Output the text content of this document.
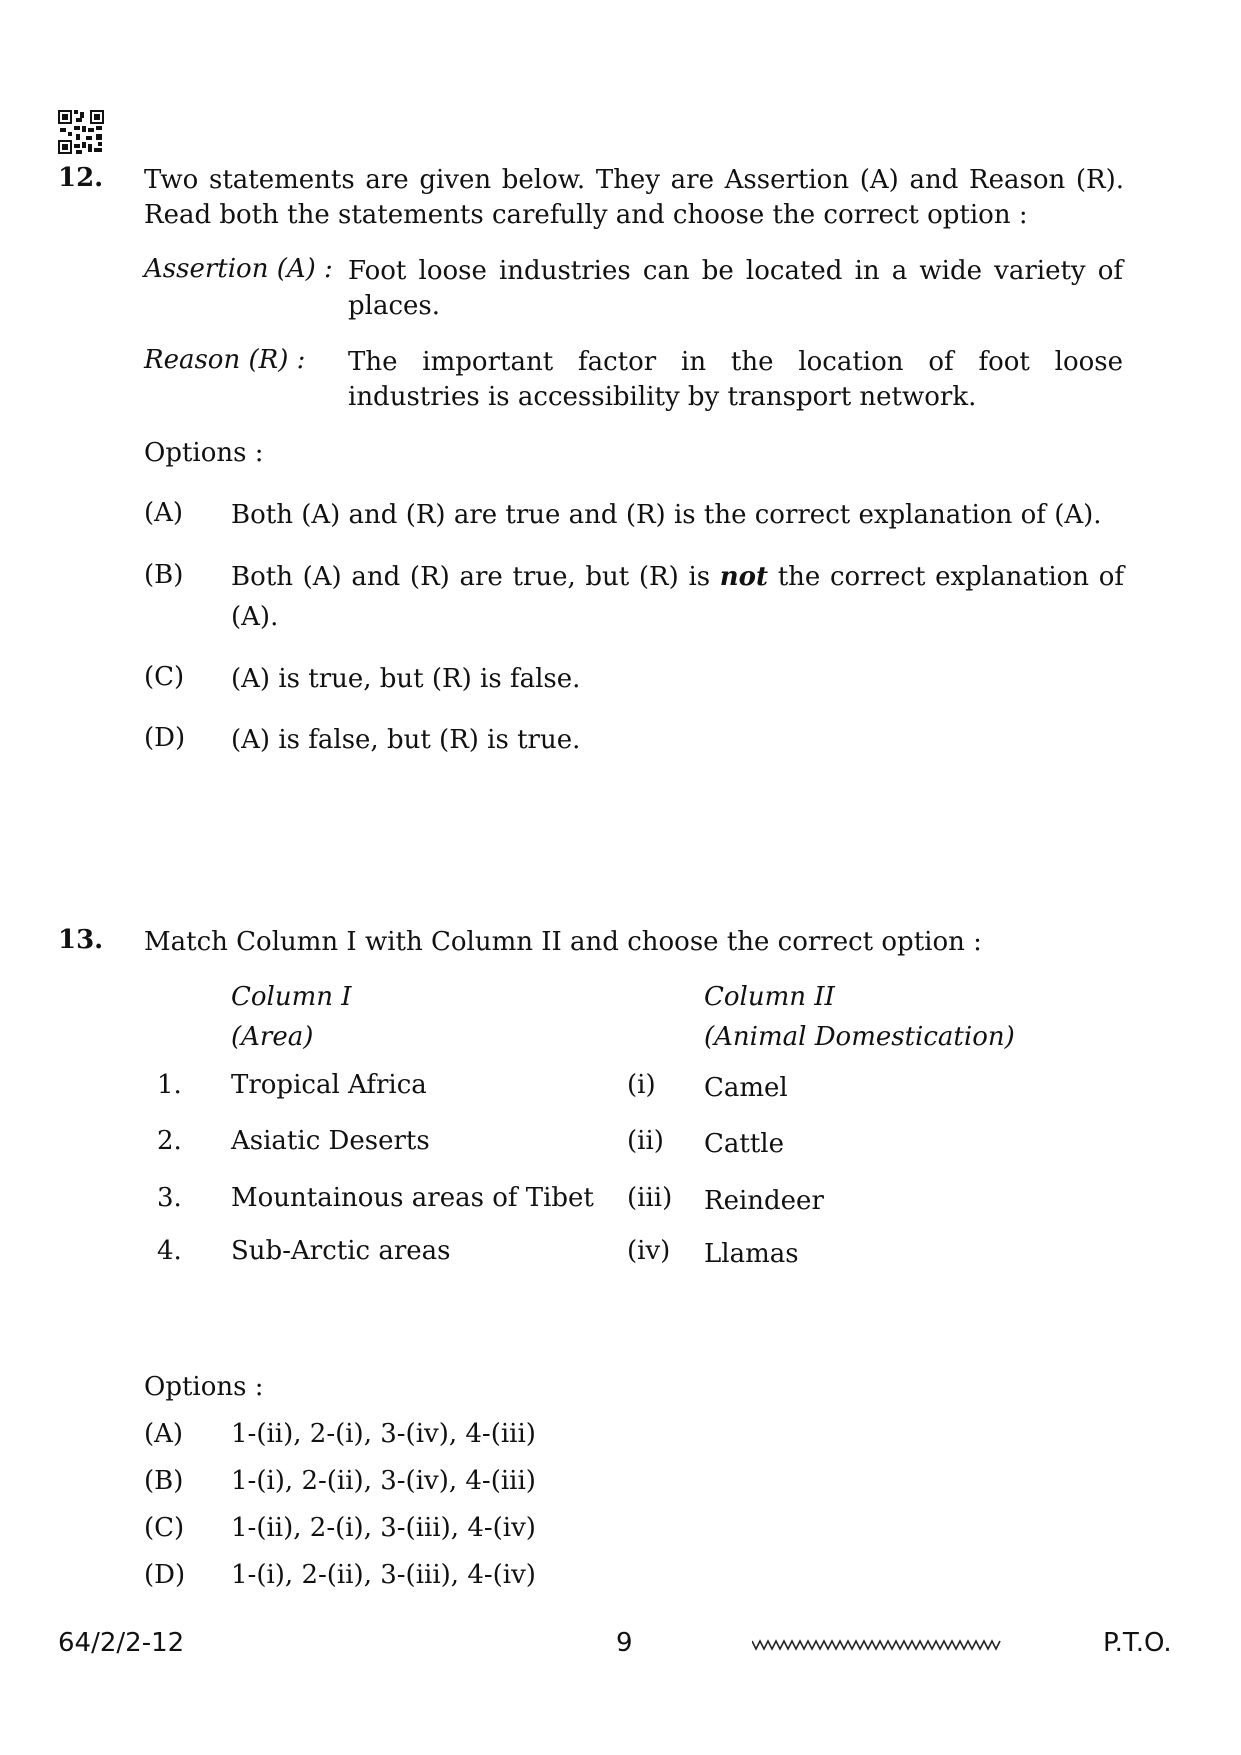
12. Two statements are given below. They are Assertion (A) and Reason (R).
Read both the statements carefully and choose the correct option :
Assertion (A) : Foot loose industries can be located in a wide variety of
places.
Reason (R) : The important factor in the location of foot loose
industries is accessibility by transport network.
Options :
(A) Both (A) and (R) are true and (R) is the correct explanation of (A).
(B) Both (A) and (R) are true, but (R) is not the correct explanation of
(A).
(C) (A) is true, but (R) is false.
(D) (A) is false, but (R) is true.
13. Match Column I with Column II and choose the correct option :
Column I
(Area)
Column II
(Animal Domestication)
1. Tropical Africa	(i) Camel
2. Asiatic Deserts	(ii) Cattle
3. Mountainous areas of Tibet (iii) Reindeer
4. Sub-Arctic areas	(iv) Llamas
Options :
(A) 1-(ii), 2-(i), 3-(iv), 4-(iii)
(B) 1-(i), 2-(ii), 3-(iv), 4-(iii)
(C) 1-(ii), 2-(i), 3-(iii), 4-(iv)
(D) 1-(i), 2-(ii), 3-(iii), 4-(iv)
64/2/2-12	9	P.T.O.
